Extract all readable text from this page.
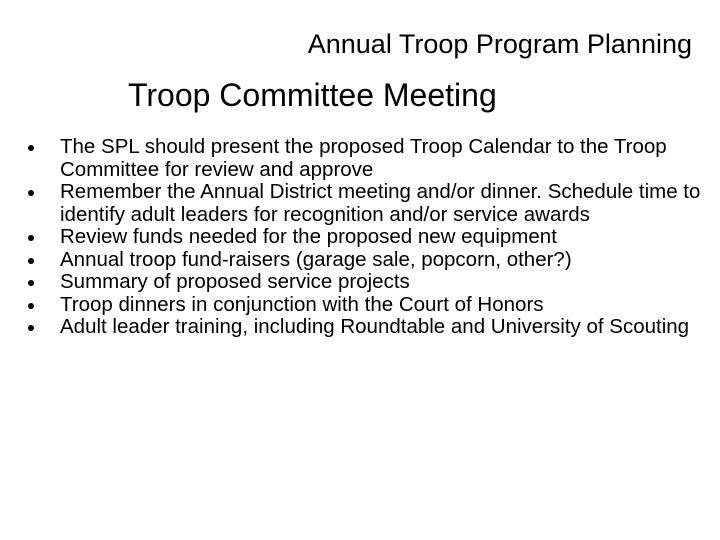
Annual Troop Program Planning
Troop Committee Meeting
The SPL should present the proposed Troop Calendar to the Troop Committee for review and approve
Remember the Annual District meeting and/or dinner. Schedule time to identify adult leaders for recognition and/or service awards
Review funds needed for the proposed new equipment
Annual troop fund-raisers (garage sale, popcorn, other?)
Summary of proposed service projects
Troop dinners in conjunction with the Court of Honors
Adult leader training, including Roundtable and University of Scouting
